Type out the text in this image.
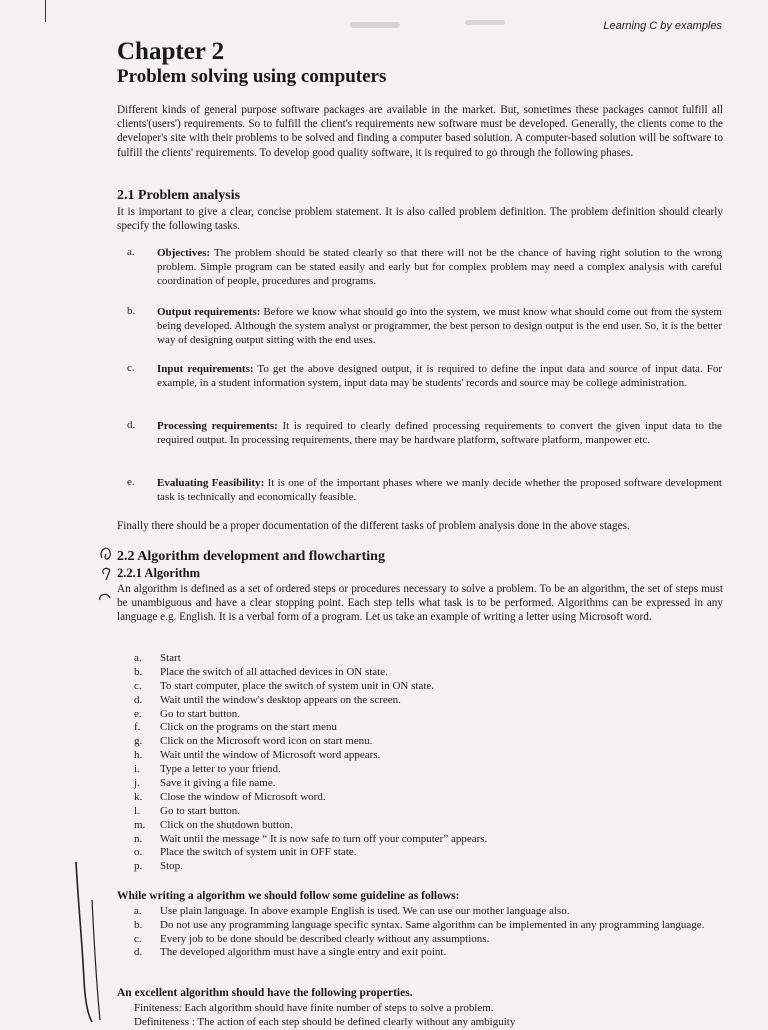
Learning C by examples
Chapter 2
Problem solving using computers
Different kinds of general purpose software packages are available in the market. But, sometimes these packages cannot fulfill all clients'(users') requirements. So to fulfill the client's requirements new software must be developed. Generally, the clients come to the developer's site with their problems to be solved and finding a computer based solution. A computer-based solution will be software to fulfill the clients' requirements. To develop good quality software, it is required to go through the following phases.
2.1 Problem analysis
It is important to give a clear, concise problem statement. It is also called problem definition. The problem definition should clearly specify the following tasks.
a.	Objectives: The problem should be stated clearly so that there will not be the chance of having right solution to the wrong problem. Simple program can be stated easily and early but for complex problem may need a complex analysis with careful coordination of people, procedures and programs.
b.	Output requirements: Before we know what should go into the system, we must know what should come out from the system being developed. Although the system analyst or programmer, the best person to design output is the end user. So, it is the better way of designing output sitting with the end uses.
c.	Input requirements: To get the above designed output, it is required to define the input data and source of input data. For example, in a student information system, input data may be students' records and source may be college administration.
d.	Processing requirements: It is required to clearly defined processing requirements to convert the given input data to the required output. In processing requirements, there may be hardware platform, software platform, manpower etc.
e.	Evaluating Feasibility: It is one of the important phases where we manly decide whether the proposed software development task is technically and economically feasible.
Finally there should be a proper documentation of the different tasks of problem analysis done in the above stages.
2.2 Algorithm development and flowcharting
2.2.1 Algorithm
An algorithm is defined as a set of ordered steps or procedures necessary to solve a problem. To be an algorithm, the set of steps must be unambiguous and have a clear stopping point. Each step tells what task is to be performed. Algorithms can be expressed in any language e.g. English. It is a verbal form of a program. Let us take an example of writing a letter using Microsoft word.
a.	Start
b.	Place the switch of all attached devices in ON state.
c.	To start computer, place the switch of system unit in ON state.
d.	Wait until the window's desktop appears on the screen.
e.	Go to start button.
f.	Click on the programs on the start menu
g.	Click on the Microsoft word icon on start menu.
h.	Wait until the window of Microsoft word appears.
i.	Type a letter to your friend.
j.	Save it giving a file name.
k.	Close the window of Microsoft word.
l.	Go to start button.
m.	Click on the shutdown button.
n.	Wait until the message “ It is now safe to turn off your computer” appears.
o.	Place the switch of system unit in OFF state.
p.	Stop.
While writing a algorithm we should follow some guideline as follows:
a.	Use plain language. In above example English is used. We can use our mother language also.
b.	Do not use any programming language specific syntax. Same algorithm can be implemented in any programming language.
c.	Every job to be done should be described clearly without any assumptions.
d.	The developed algorithm must have a single entry and exit point.
An excellent algorithm should have the following properties.
Finiteness: Each algorithm should have finite number of steps to solve a problem.
Definiteness : The action of each step should be defined clearly without any ambiguity
